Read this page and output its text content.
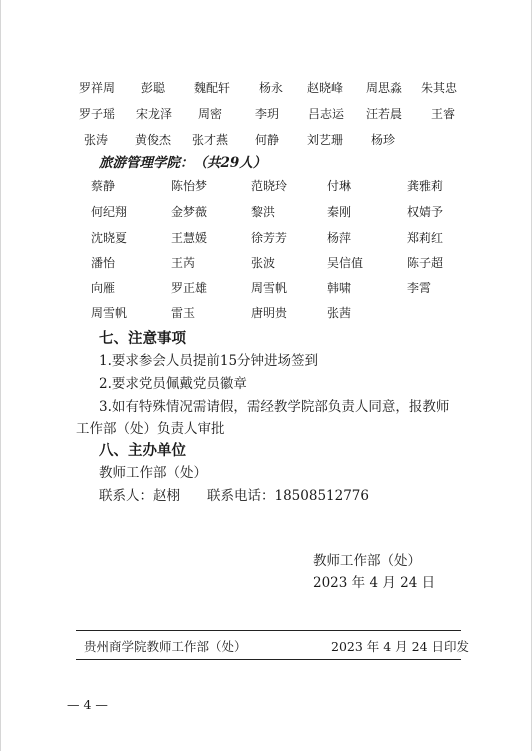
罗祥周 彭聪 魏配轩 杨永 赵晓峰 周思淼 朱其忠
罗子瑶 宋龙泽 周密	李玥 吕志运 汪若晨 王睿
张涛 黄俊杰 张才燕 何静 刘艺珊 杨珍
旅游管理学院：（共29人）
蔡静	陈怡梦	范晓玲	付琳	龚雅莉
何纪翔	金梦薇	黎洪	秦刚	权婧予
沈晓夏	王慧媛	徐芳芳	杨萍	郑莉红
潘怡	王芮	张波	吴信值	陈子超
向雁	罗正雄	周雪帆	韩啸	李霄
周雪帆	雷玉	唐明贵	张茜
七、注意事项
1.要求参会人员提前15分钟进场签到
2.要求党员佩戴党员徽章
3.如有特殊情况需请假，需经教学院部负责人同意，报教师
工作部（处）负责人审批
八、主办单位
教师工作部（处）
联系人：赵栩　　联系电话：18508512776
教师工作部（处）
2023 年 4 月 24 日
贵州商学院教师工作部（处）	2023 年 4 月 24 日印发
— 4 —
